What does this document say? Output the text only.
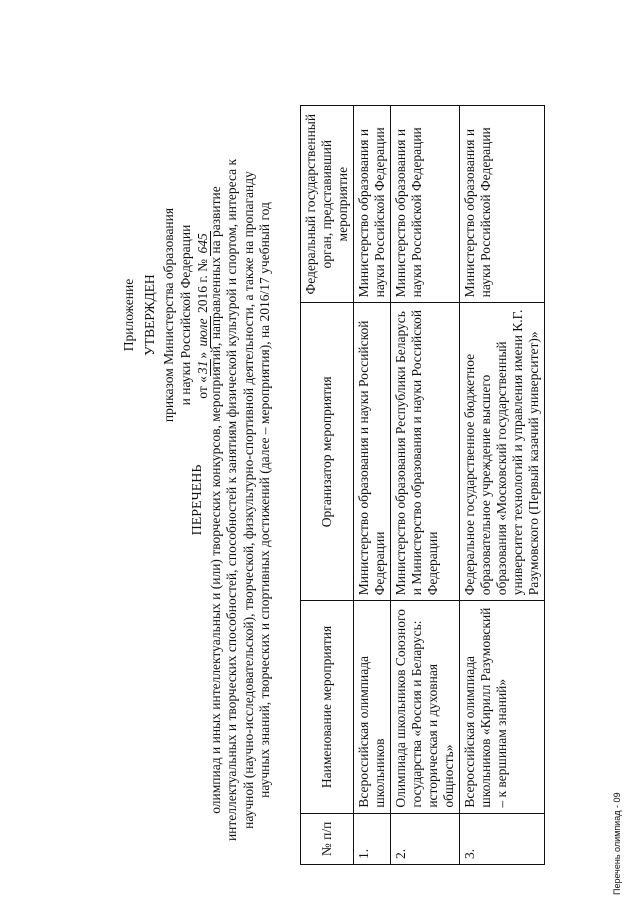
Приложение УТВЕРЖДЕН приказом Министерства образования и науки Российской Федерации от «31» июле 2016 г. № 645
ПЕРЕЧЕНЬ олимпиад и иных интеллектуальных и (или) творческих конкурсов, мероприятий, направленных на развитие интеллектуальных и творческих способностей, способностей к занятиям физической культурой и спортом, интереса к научной (научно-исследовательской), творческой, физкультурно-спортивной деятельности, а также на пропаганду научных знаний, творческих и спортивных достижений (далее – мероприятия), на 2016/17 учебный год
№ п/п	Наименование мероприятия	Организатор мероприятия	Федеральный государственный орган, представивший мероприятие
1.	Всероссийская олимпиада школьников	Министерство образования и науки Российской Федерации	Министерство образования и науки Российской Федерации
2.	Олимпиада школьников Союзного государства «Россия и Беларусь: историческая и духовная общность»	Министерство образования Республики Беларусь и Министерство образования и науки Российской Федерации	Министерство образования и науки Российской Федерации
3.	Всероссийская олимпиада школьников «Кирилл Разумовский – к вершинам знаний»	Федеральное государственное бюджетное образовательное учреждение высшего образования «Московский государственный университет технологий и управления имени К.Г. Разумовского (Первый казачий университет)»	Министерство образования и науки Российской Федерации
Перечень олимпиад - 09
